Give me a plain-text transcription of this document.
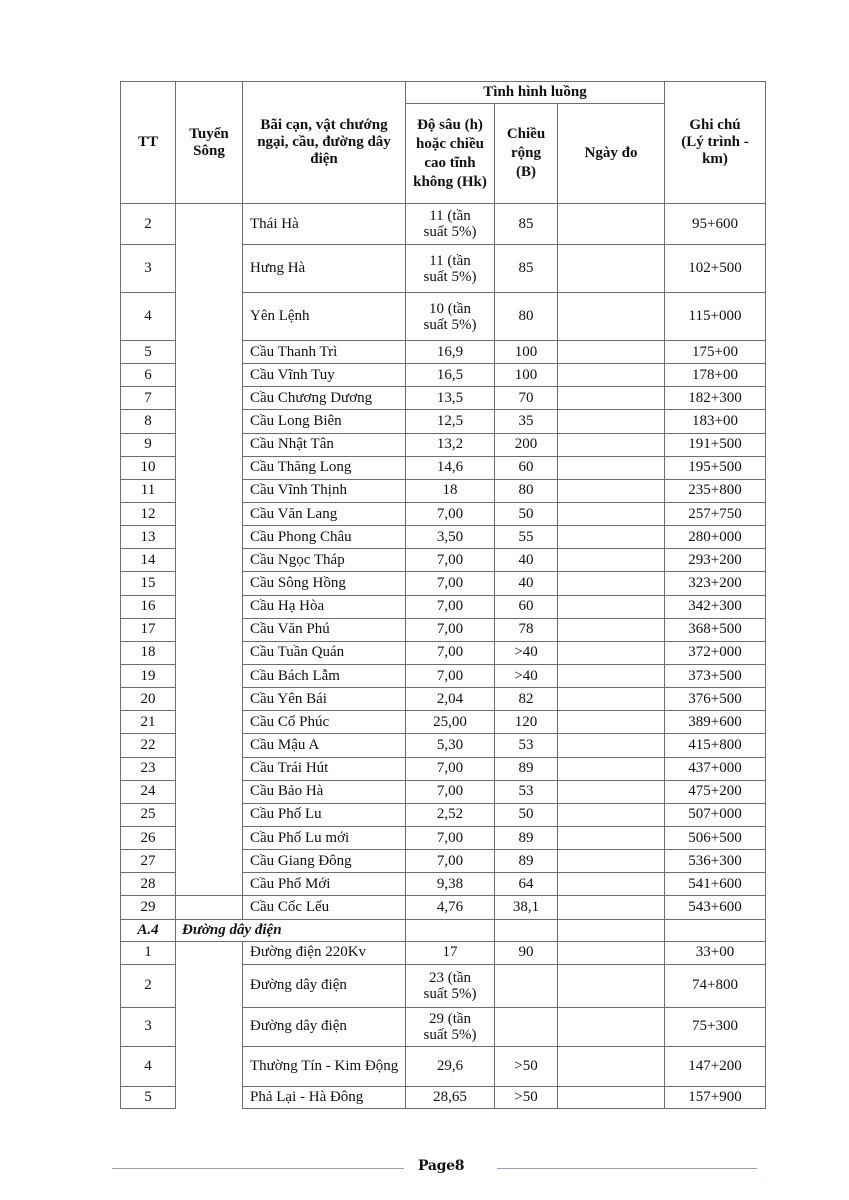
TT	Tuyến Sông	Bãi cạn, vật chướng ngại, cầu, đường dây điện	Tình hình luồng			Ghi chú (Lý trình - km)
			Độ sâu (h) hoặc chiều cao tĩnh không (Hk)	Chiều rộng (B)	Ngày đo	
2		Thái Hà	11 (tần suất 5%)	85		95+600
3		Hưng Hà	11 (tần suất 5%)	85		102+500
4		Yên Lệnh	10 (tần suất 5%)	80		115+000
5		Cầu Thanh Trì	16,9	100		175+00
6		Cầu Vĩnh Tuy	16,5	100		178+00
7		Cầu Chương Dương	13,5	70		182+300
8		Cầu Long Biên	12,5	35		183+00
9		Cầu Nhật Tân	13,2	200		191+500
10		Cầu Thăng Long	14,6	60		195+500
11		Cầu Vĩnh Thịnh	18	80		235+800
12		Cầu Văn Lang	7,00	50		257+750
13		Cầu Phong Châu	3,50	55		280+000
14		Cầu Ngọc Tháp	7,00	40		293+200
15		Cầu Sông Hồng	7,00	40		323+200
16		Cầu Hạ Hòa	7,00	60		342+300
17		Cầu Văn Phú	7,00	78		368+500
18		Cầu Tuần Quán	7,00	>40		372+000
19		Cầu Bách Lẫm	7,00	>40		373+500
20		Cầu Yên Bái	2,04	82		376+500
21		Cầu Cổ Phúc	25,00	120		389+600
22		Cầu Mậu A	5,30	53		415+800
23		Cầu Trái Hút	7,00	89		437+000
24		Cầu Bảo Hà	7,00	53		475+200
25		Cầu Phố Lu	2,52	50		507+000
26		Cầu Phố Lu mới	7,00	89		506+500
27		Cầu Giang Đông	7,00	89		536+300
28		Cầu Phố Mới	9,38	64		541+600
29		Cầu Cốc Lếu	4,76	38,1		543+600
A.4	Đường dây điện					
1		Đường điện 220Kv	17	90		33+00
2		Đường dây điện	23 (tần suất 5%)			74+800
3		Đường dây điện	29 (tần suất 5%)			75+300
4		Thường Tín - Kim Động	29,6	>50		147+200
5		Phả Lại - Hà Đông	28,65	>50		157+900
Page8
